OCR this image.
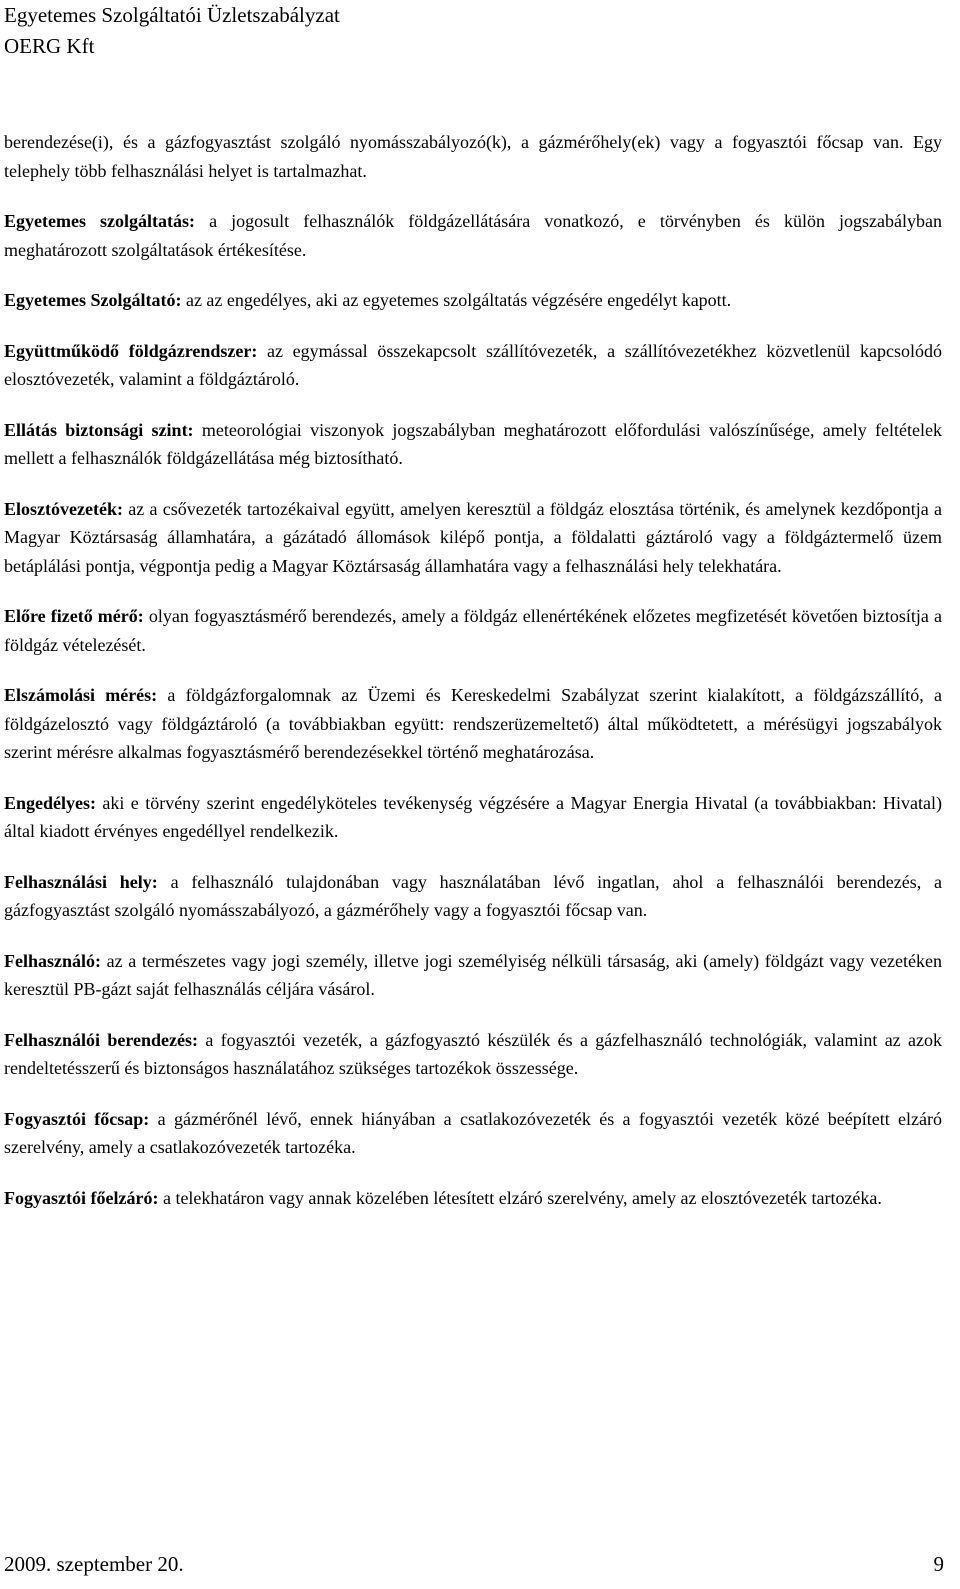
Egyetemes Szolgáltatói Üzletszabályzat
OERG Kft

berendezése(i), és a gázfogyasztást szolgáló nyomásszabályozó(k), a gázmérőhely(ek) vagy a fogyasztói főcsap van. Egy telephely több felhasználási helyet is tartalmazhat.

Egyetemes szolgáltatás: a jogosult felhasználók földgázellátására vonatkozó, e törvényben és külön jogszabályban meghatározott szolgáltatások értékesítése.

Egyetemes Szolgáltató: az az engedélyes, aki az egyetemes szolgáltatás végzésére engedélyt kapott.

Együttműködő földgázrendszer: az egymással összekapcsolt szállítóvezeték, a szállítóvezetékhez közvetlenül kapcsolódó elosztóvezeték, valamint a földgáztároló.

Ellátás biztonsági szint: meteorológiai viszonyok jogszabályban meghatározott előfordulási valószínűsége, amely feltételek mellett a felhasználók földgázellátása még biztosítható.

Elosztóvezeték: az a csővezeték tartozékaival együtt, amelyen keresztül a földgáz elosztása történik, és amelynek kezdőpontja a Magyar Köztársaság államhatára, a gázátadó állomások kilépő pontja, a földalatti gáztároló vagy a földgáztermelő üzem betáplálási pontja, végpontja pedig a Magyar Köztársaság államhatára vagy a felhasználási hely telekhatára.

Előre fizető mérő: olyan fogyasztásmérő berendezés, amely a földgáz ellenértékének előzetes megfizetését követően biztosítja a földgáz vételezését.

Elszámolási mérés: a földgázforgalomnak az Üzemi és Kereskedelmi Szabályzat szerint kialakított, a földgázszállító, a földgázelosztó vagy földgáztároló (a továbbiakban együtt: rendszerüzemeltető) által működtetett, a mérésügyi jogszabályok szerint mérésre alkalmas fogyasztásmérő berendezésekkel történő meghatározása.

Engedélyes: aki e törvény szerint engedélyköteles tevékenység végzésére a Magyar Energia Hivatal (a továbbiakban: Hivatal) által kiadott érvényes engedéllyel rendelkezik.

Felhasználási hely: a felhasználó tulajdonában vagy használatában lévő ingatlan, ahol a felhasználói berendezés, a gázfogyasztást szolgáló nyomásszabályozó, a gázmérőhely vagy a fogyasztói főcsap van.

Felhasználó: az a természetes vagy jogi személy, illetve jogi személyiség nélküli társaság, aki (amely) földgázt vagy vezetéken keresztül PB-gázt saját felhasználás céljára vásárol.

Felhasználói berendezés: a fogyasztói vezeték, a gázfogyasztó készülék és a gázfelhasználó technológiák, valamint az azok rendeltetésszerű és biztonságos használatához szükséges tartozékok összessége.

Fogyasztói főcsap: a gázmérőnél lévő, ennek hiányában a csatlakozóvezeték és a fogyasztói vezeték közé beépített elzáró szerelvény, amely a csatlakozóvezeték tartozéka.

Fogyasztói főelzáró: a telekhatáron vagy annak közelében létesített elzáró szerelvény, amely az elosztóvezeték tartozéka.

2009. szeptember 20.	9
